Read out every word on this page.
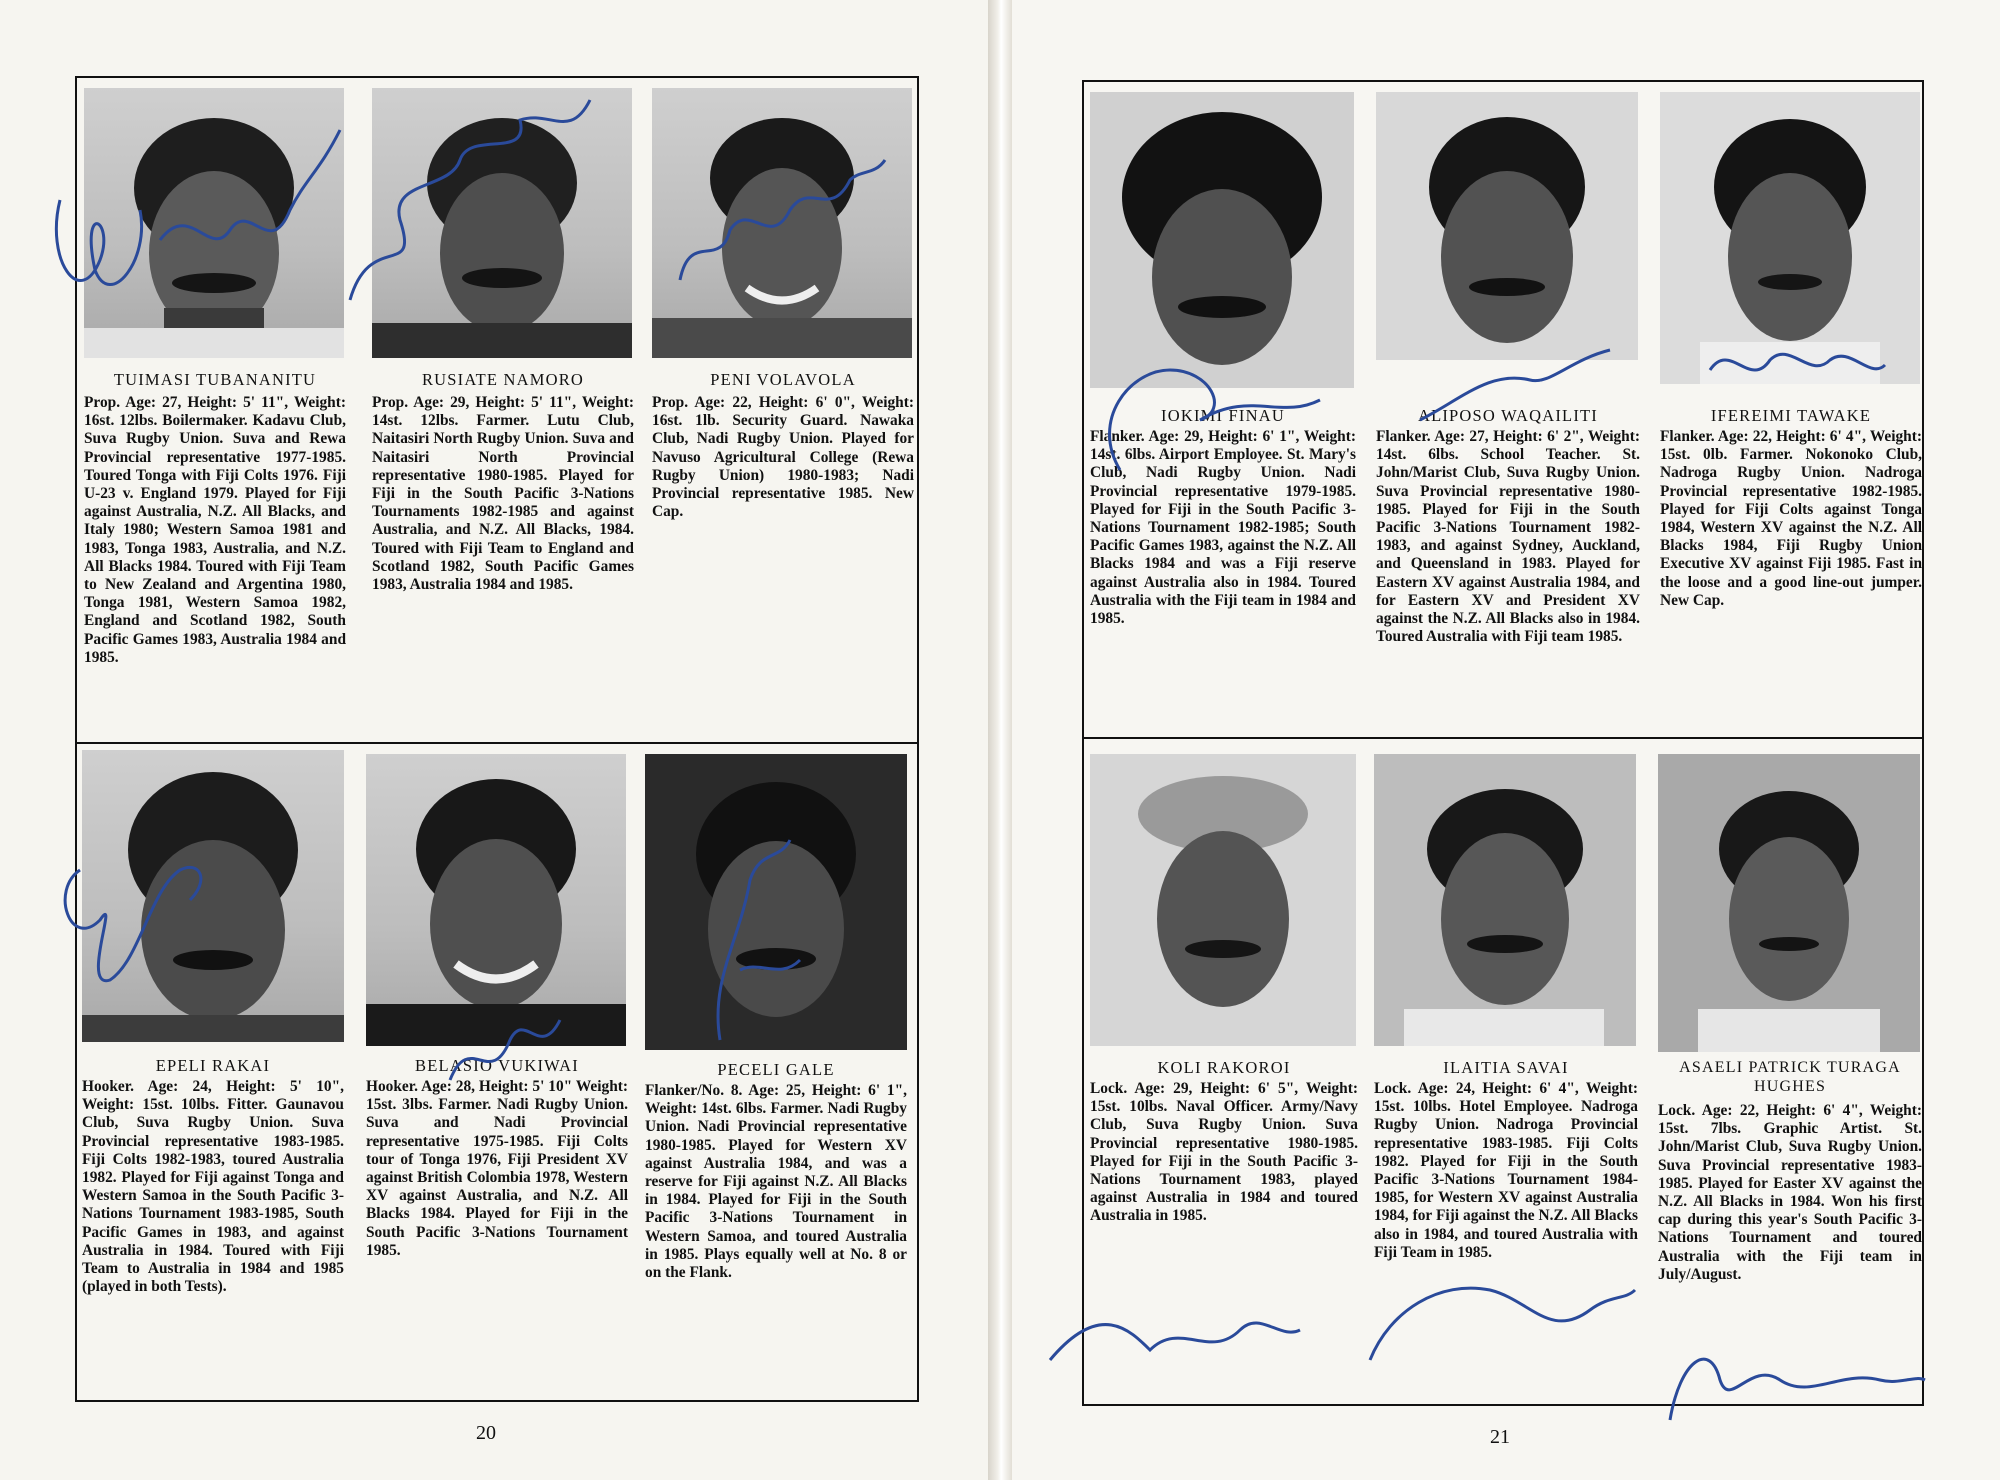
TUIMASI TUBANANITU
Prop. Age: 27, Height: 5' 11", Weight: 16st. 12lbs. Boilermaker. Kadavu Club, Suva Rugby Union. Suva and Rewa Provincial representative 1977-1985. Toured Tonga with Fiji Colts 1976. Fiji U-23 v. England 1979. Played for Fiji against Australia, N.Z. All Blacks, and Italy 1980; Western Samoa 1981 and 1983, Tonga 1983, Australia, and N.Z. All Blacks 1984. Toured with Fiji Team to New Zealand and Argentina 1980, Tonga 1981, Western Samoa 1982, England and Scotland 1982, South Pacific Games 1983, Australia 1984 and 1985.
RUSIATE NAMORO
Prop. Age: 29, Height: 5' 11", Weight: 14st. 12lbs. Farmer. Lutu Club, Naitasiri North Rugby Union. Suva and Naitasiri North Provincial representative 1980-1985. Played for Fiji in the South Pacific 3-Nations Tournaments 1982-1985 and against Australia, and N.Z. All Blacks, 1984. Toured with Fiji Team to England and Scotland 1982, South Pacific Games 1983, Australia 1984 and 1985.
PENI VOLAVOLA
Prop. Age: 22, Height: 6' 0", Weight: 16st. 1lb. Security Guard. Nawaka Club, Nadi Rugby Union. Played for Navuso Agricultural College (Rewa Rugby Union) 1980-1983; Nadi Provincial representative 1985. New Cap.
EPELI RAKAI
Hooker. Age: 24, Height: 5' 10", Weight: 15st. 10lbs. Fitter. Gaunavou Club, Suva Rugby Union. Suva Provincial representative 1983-1985. Fiji Colts 1982-1983, toured Australia 1982. Played for Fiji against Tonga and Western Samoa in the South Pacific 3-Nations Tournament 1983-1985, South Pacific Games in 1983, and against Australia in 1984. Toured with Fiji Team to Australia in 1984 and 1985 (played in both Tests).
BELASIO VUKIWAI
Hooker. Age: 28, Height: 5' 10" Weight: 15st. 3lbs. Farmer. Nadi Rugby Union. Suva and Nadi Provincial representative 1975-1985. Fiji Colts tour of Tonga 1976, Fiji President XV against British Colombia 1978, Western XV against Australia, and N.Z. All Blacks 1984. Played for Fiji in the South Pacific 3-Nations Tournament 1985.
PECELI GALE
Flanker/No. 8. Age: 25, Height: 6' 1", Weight: 14st. 6lbs. Farmer. Nadi Rugby Union. Nadi Provincial representative 1980-1985. Played for Western XV against Australia 1984, and was a reserve for Fiji against N.Z. All Blacks in 1984. Played for Fiji in the South Pacific 3-Nations Tournament in Western Samoa, and toured Australia in 1985. Plays equally well at No. 8 or on the Flank.
20
IOKIMI FINAU
Flanker. Age: 29, Height: 6' 1", Weight: 14st. 6lbs. Airport Employee. St. Mary's Club, Nadi Rugby Union. Nadi Provincial representative 1979-1985. Played for Fiji in the South Pacific 3-Nations Tournament 1982-1985; South Pacific Games 1983, against the N.Z. All Blacks 1984 and was a Fiji reserve against Australia also in 1984. Toured Australia with the Fiji team in 1984 and 1985.
ALIPOSO WAQAILITI
Flanker. Age: 27, Height: 6' 2", Weight: 14st. 6lbs. School Teacher. St. John/Marist Club, Suva Rugby Union. Suva Provincial representative 1980-1985. Played for Fiji in the South Pacific 3-Nations Tournament 1982-1983, and against Sydney, Auckland, and Queensland in 1983. Played for Eastern XV against Australia 1984, and for Eastern XV and President XV against the N.Z. All Blacks also in 1984. Toured Australia with Fiji team 1985.
IFEREIMI TAWAKE
Flanker. Age: 22, Height: 6' 4", Weight: 15st. 0lb. Farmer. Nokonoko Club, Nadroga Rugby Union. Nadroga Provincial representative 1982-1985. Played for Fiji Colts against Tonga 1984, Western XV against the N.Z. All Blacks 1984, Fiji Rugby Union Executive XV against Fiji 1985. Fast in the loose and a good line-out jumper. New Cap.
KOLI RAKOROI
Lock. Age: 29, Height: 6' 5", Weight: 15st. 10lbs. Naval Officer. Army/Navy Club, Suva Rugby Union. Suva Provincial representative 1980-1985. Played for Fiji in the South Pacific 3-Nations Tournament 1983, played against Australia in 1984 and toured Australia in 1985.
ILAITIA SAVAI
Lock. Age: 24, Height: 6' 4", Weight: 15st. 10lbs. Hotel Employee. Nadroga Rugby Union. Nadroga Provincial representative 1983-1985. Fiji Colts 1982. Played for Fiji in the South Pacific 3-Nations Tournament 1984-1985, for Western XV against Australia 1984, for Fiji against the N.Z. All Blacks also in 1984, and toured Australia with Fiji Team in 1985.
ASAELI PATRICK TURAGA HUGHES
Lock. Age: 22, Height: 6' 4", Weight: 15st. 7lbs. Graphic Artist. St. John/Marist Club, Suva Rugby Union. Suva Provincial representative 1983-1985. Played for Easter XV against the N.Z. All Blacks in 1984. Won his first cap during this year's South Pacific 3-Nations Tournament and toured Australia with the Fiji team in July/August.
21
